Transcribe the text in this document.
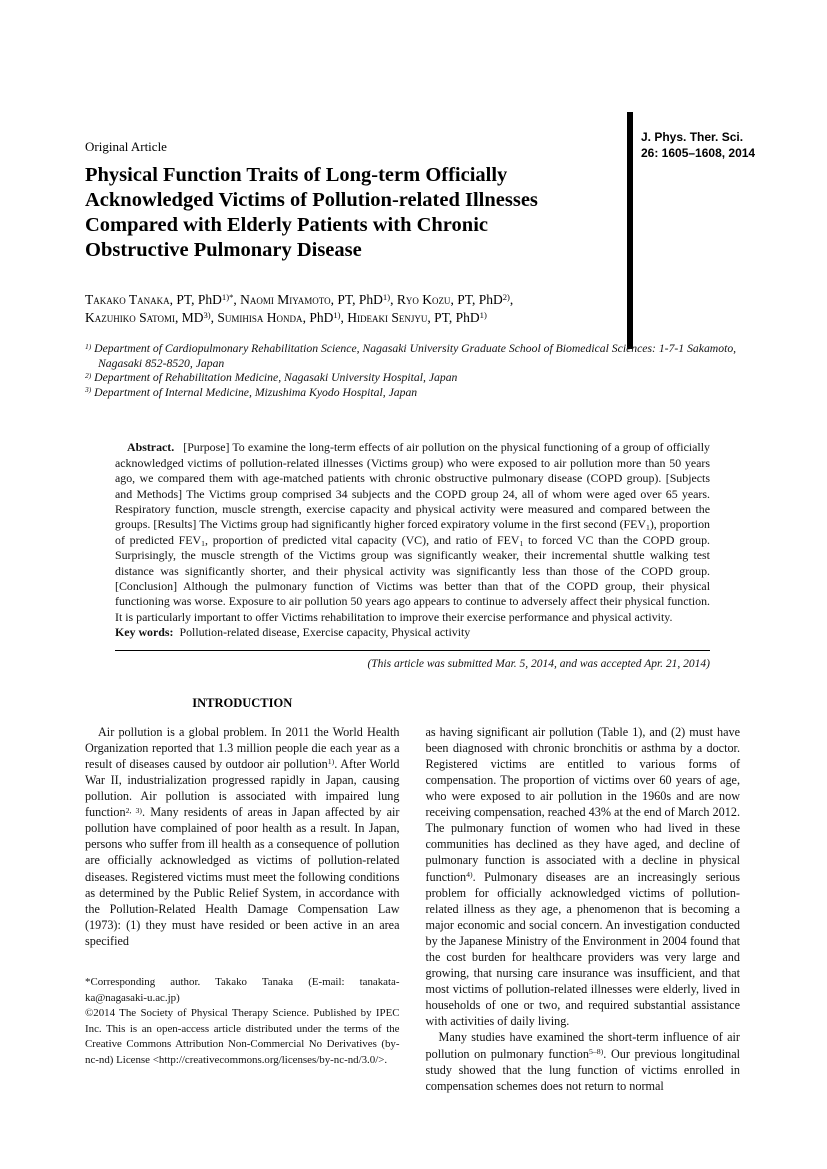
J. Phys. Ther. Sci.
26: 1605–1608, 2014
Original Article
Physical Function Traits of Long-term Officially Acknowledged Victims of Pollution-related Illnesses Compared with Elderly Patients with Chronic Obstructive Pulmonary Disease

Takako Tanaka, PT, PhD$^{1)*}$, Naomi Miyamoto, PT, PhD$^{1)}$, Ryo Kozu, PT, PhD$^{2)}$,

Kazuhiko Satomi, MD$^{3)}$, Sumihisa Honda, PhD$^{1)}$, Hideaki Senjyu, PT, PhD$^{1)}$

$^{1)}$ Department of Cardiopulmonary Rehabilitation Science, Nagasaki University Graduate School of Biomedical Sciences: 1-7-1 Sakamoto, Nagasaki 852-8520, Japan

$^{2)}$ Department of Rehabilitation Medicine, Nagasaki University Hospital, Japan

$^{3)}$ Department of Internal Medicine, Mizushima Kyodo Hospital, Japan

Abstract. [Purpose] To examine the long-term effects of air pollution on the physical functioning of a group of officially acknowledged victims of pollution-related illnesses (Victims group) who were exposed to air pollution more than 50 years ago, we compared them with age-matched patients with chronic obstructive pulmonary disease (COPD group). [Subjects and Methods] The Victims group comprised 34 subjects and the COPD group 24, all of whom were aged over 65 years. Respiratory function, muscle strength, exercise capacity and physical activity were measured and compared between the groups. [Results] The Victims group had significantly higher forced expiratory volume in the first second $(FEV_1)$, proportion of predicted $FEV_1$, proportion of predicted vital capacity (VC), and ratio of $FEV_1$ to forced VC than the COPD group. Surprisingly, the muscle strength of the Victims group was significantly weaker, their incremental shuttle walking test distance was significantly shorter, and their physical activity was significantly less than those of the COPD group. [Conclusion] Although the pulmonary function of Victims was better than that of the COPD group, their physical functioning was worse. Exposure to air pollution 50 years ago appears to continue to adversely affect their physical function. It is particularly important to offer Victims rehabilitation to improve their exercise performance and physical activity.

Key words: Pollution-related disease, Exercise capacity, Physical activity

(This article was submitted Mar. 5, 2014, and was accepted Apr. 21, 2014)
INTRODUCTION

Air pollution is a global problem. In 2011 the World Health Organization reported that 1.3 million people die each year as a result of diseases caused by outdoor air pollution$^{1)}$. After World War II, industrialization progressed rapidly in Japan, causing pollution. Air pollution is associated with impaired lung function$^{2, 3)}$. Many residents of areas in Japan affected by air pollution have complained of poor health as a result. In Japan, persons who suffer from ill health as a consequence of pollution are officially acknowledged as victims of pollution-related diseases. Registered victims must meet the following conditions as determined by the Public Relief System, in accordance with the Pollution-Related Health Damage Compensation Law (1973): (1) they must have resided or been active in an area specified

*Corresponding author. Takako Tanaka (E-mail: tanakata-ka@nagasaki-u.ac.jp)

©2014 The Society of Physical Therapy Science. Published by IPEC Inc. This is an open-access article distributed under the terms of the Creative Commons Attribution Non-Commercial No Derivatives (by-nc-nd) License <http://creativecommons.org/licenses/by-nc-nd/3.0/>.

as having significant air pollution (Table 1), and (2) must have been diagnosed with chronic bronchitis or asthma by a doctor. Registered victims are entitled to various forms of compensation. The proportion of victims over 60 years of age, who were exposed to air pollution in the 1960s and are now receiving compensation, reached 43% at the end of March 2012. The pulmonary function of women who had lived in these communities has declined as they have aged, and decline of pulmonary function is associated with a decline in physical function$^{4)}$. Pulmonary diseases are an increasingly serious problem for officially acknowledged victims of pollution-related illness as they age, a phenomenon that is becoming a major economic and social concern. An investigation conducted by the Japanese Ministry of the Environment in 2004 found that the cost burden for healthcare providers was very large and growing, that nursing care insurance was insufficient, and that most victims of pollution-related illnesses were elderly, lived in households of one or two, and required substantial assistance with activities of daily living.

Many studies have examined the short-term influence of air pollution on pulmonary function$^{5-8)}$. Our previous longitudinal study showed that the lung function of victims enrolled in compensation schemes does not return to normal
